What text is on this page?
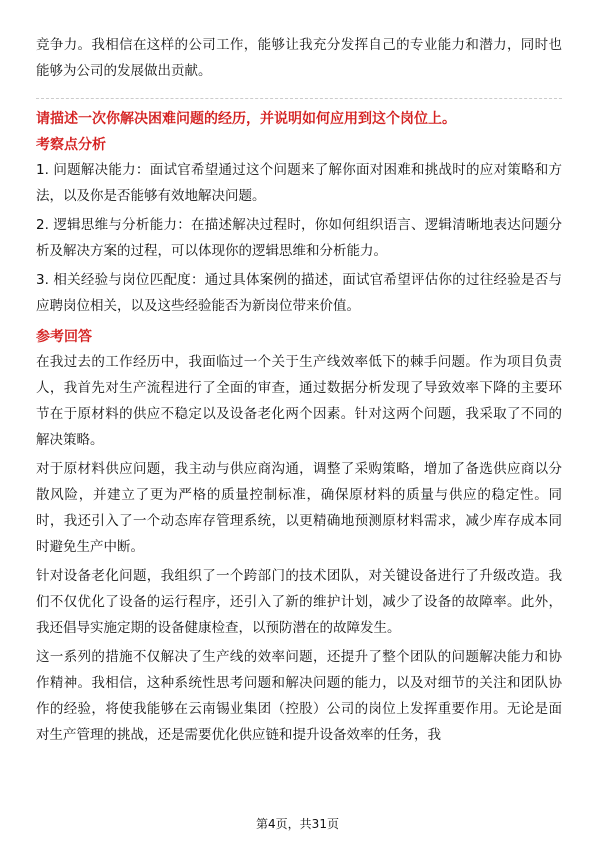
竞争力。我相信在这样的公司工作，能够让我充分发挥自己的专业能力和潜力，同时也能够为公司的发展做出贡献。

请描述一次你解决困难问题的经历，并说明如何应用到这个岗位上。
考察点分析

1. 问题解决能力：面试官希望通过这个问题来了解你面对困难和挑战时的应对策略和方法，以及你是否能够有效地解决问题。

2. 逻辑思维与分析能力：在描述解决过程时，你如何组织语言、逻辑清晰地表达问题分析及解决方案的过程，可以体现你的逻辑思维和分析能力。

3. 相关经验与岗位匹配度：通过具体案例的描述，面试官希望评估你的过往经验是否与应聘岗位相关，以及这些经验能否为新岗位带来价值。

参考回答

在我过去的工作经历中，我面临过一个关于生产线效率低下的棘手问题。作为项目负责人，我首先对生产流程进行了全面的审查，通过数据分析发现了导致效率下降的主要环节在于原材料的供应不稳定以及设备老化两个因素。针对这两个问题，我采取了不同的解决策略。

对于原材料供应问题，我主动与供应商沟通，调整了采购策略，增加了备选供应商以分散风险，并建立了更为严格的质量控制标准，确保原材料的质量与供应的稳定性。同时，我还引入了一个动态库存管理系统，以更精确地预测原材料需求，减少库存成本同时避免生产中断。

针对设备老化问题，我组织了一个跨部门的技术团队，对关键设备进行了升级改造。我们不仅优化了设备的运行程序，还引入了新的维护计划，减少了设备的故障率。此外，我还倡导实施定期的设备健康检查，以预防潜在的故障发生。

这一系列的措施不仅解决了生产线的效率问题，还提升了整个团队的问题解决能力和协作精神。我相信，这种系统性思考问题和解决问题的能力，以及对细节的关注和团队协作的经验，将使我能够在云南锡业集团（控股）公司的岗位上发挥重要作用。无论是面对生产管理的挑战，还是需要优化供应链和提升设备效率的任务，我

第4页，共31页
